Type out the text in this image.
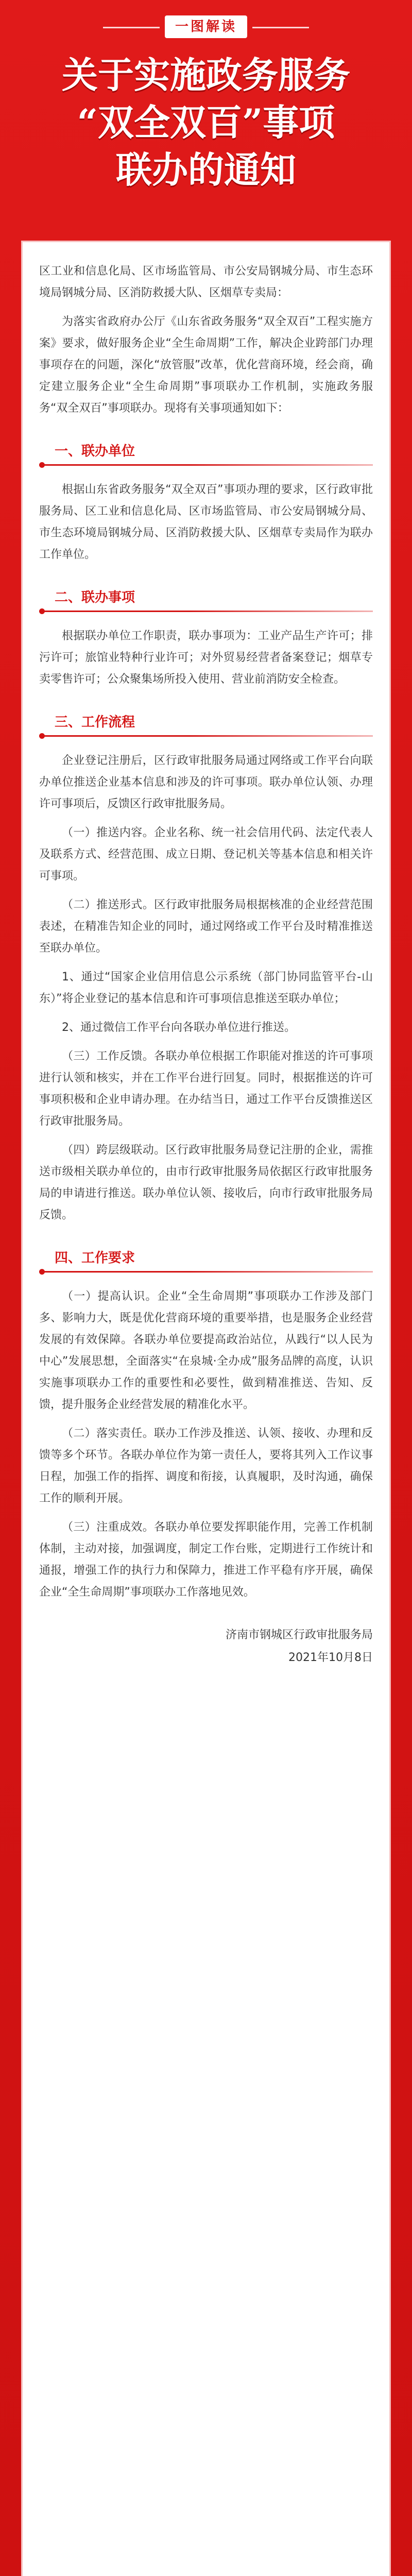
一图解读
关于实施政务服务
“双全双百”事项
联办的通知

区工业和信息化局、区市场监管局、市公安局钢城分局、市生态环境局钢城分局、区消防救援大队、区烟草专卖局：

为落实省政府办公厅《山东省政务服务“双全双百”工程实施方案》要求，做好服务企业“全生命周期”工作，解决企业跨部门办理事项存在的问题，深化“放管服”改革，优化营商环境，经会商，确定建立服务企业“全生命周期”事项联办工作机制，实施政务服务“双全双百”事项联办。现将有关事项通知如下：

一、联办单位

根据山东省政务服务“双全双百”事项办理的要求，区行政审批服务局、区工业和信息化局、区市场监管局、市公安局钢城分局、市生态环境局钢城分局、区消防救援大队、区烟草专卖局作为联办工作单位。

二、联办事项

根据联办单位工作职责，联办事项为：工业产品生产许可；排污许可；旅馆业特种行业许可；对外贸易经营者备案登记；烟草专卖零售许可；公众聚集场所投入使用、营业前消防安全检查。

三、工作流程

企业登记注册后，区行政审批服务局通过网络或工作平台向联办单位推送企业基本信息和涉及的许可事项。联办单位认领、办理许可事项后，反馈区行政审批服务局。

（一）推送内容。企业名称、统一社会信用代码、法定代表人及联系方式、经营范围、成立日期、登记机关等基本信息和相关许可事项。

（二）推送形式。区行政审批服务局根据核准的企业经营范围表述，在精准告知企业的同时，通过网络或工作平台及时精准推送至联办单位。

1、通过“国家企业信用信息公示系统（部门协同监管平台-山东）”将企业登记的基本信息和许可事项信息推送至联办单位；

2、通过微信工作平台向各联办单位进行推送。

（三）工作反馈。各联办单位根据工作职能对推送的许可事项进行认领和核实，并在工作平台进行回复。同时，根据推送的许可事项积极和企业申请办理。在办结当日，通过工作平台反馈推送区行政审批服务局。

（四）跨层级联动。区行政审批服务局登记注册的企业，需推送市级相关联办单位的，由市行政审批服务局依据区行政审批服务局的申请进行推送。联办单位认领、接收后，向市行政审批服务局反馈。

四、工作要求

（一）提高认识。企业“全生命周期”事项联办工作涉及部门多、影响力大，既是优化营商环境的重要举措，也是服务企业经营发展的有效保障。各联办单位要提高政治站位，从践行“以人民为中心”发展思想，全面落实“在泉城·全办成”服务品牌的高度，认识实施事项联办工作的重要性和必要性，做到精准推送、告知、反馈，提升服务企业经营发展的精准化水平。

（二）落实责任。联办工作涉及推送、认领、接收、办理和反馈等多个环节。各联办单位作为第一责任人，要将其列入工作议事日程，加强工作的指挥、调度和衔接，认真履职，及时沟通，确保工作的顺利开展。

（三）注重成效。各联办单位要发挥职能作用，完善工作机制体制，主动对接，加强调度，制定工作台账，定期进行工作统计和通报，增强工作的执行力和保障力，推进工作平稳有序开展，确保企业“全生命周期”事项联办工作落地见效。

济南市钢城区行政审批服务局
2021年10月8日
